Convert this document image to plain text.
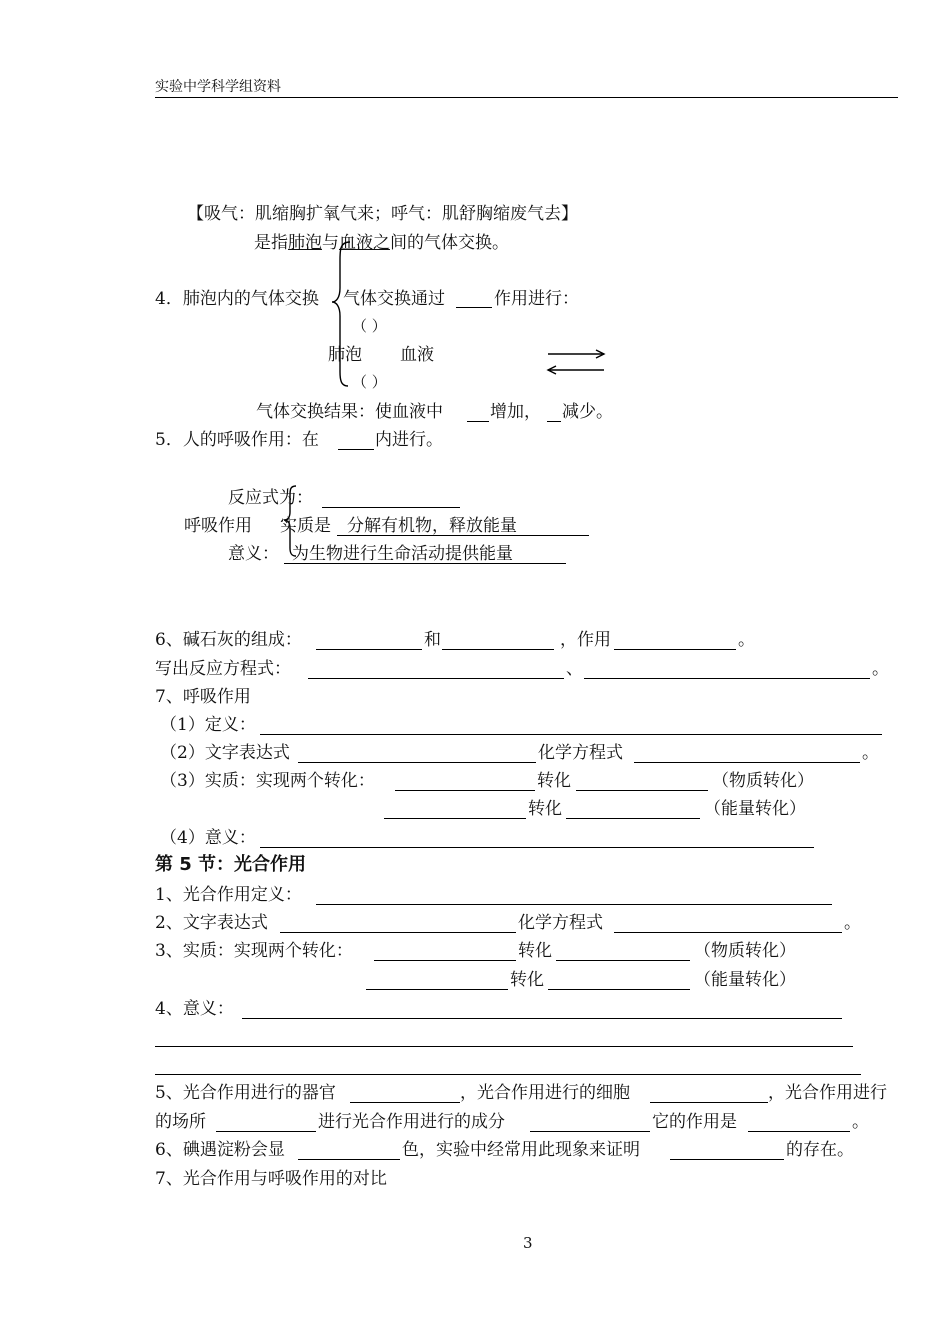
实验中学科学组资料
【吸气：肌缩胸扩氧气来；呼气：肌舒胸缩废气去】
是指肺泡与血液之间的气体交换。
4．肺泡内的气体交换 气体交换通过	作用进行：
（ ）
肺泡 血液
（ ）
气体交换结果：使血液中	增加， 减少。
5．人的呼吸作用：在	内进行。
反应式为：
呼吸作用 实质是 分解有机物，释放能量
意义： 为生物进行生命活动提供能量
6、碱石灰的组成：	和	，作用	。
写出反应方程式：	、	。
7、呼吸作用
（1）定义：
（2）文字表达式	化学方程式	。
（3）实质：实现两个转化：	转化	（物质转化）
转化	（能量转化）
（4）意义：
第 5 节：光合作用
1、光合作用定义：
2、文字表达式	化学方程式	。
3、实质：实现两个转化：	转化	（物质转化）
转化	（能量转化）
4、意义：
5、光合作用进行的器官	，光合作用进行的细胞	，光合作用进行
的场所	进行光合作用进行的成分	它的作用是	。
6、碘遇淀粉会显	色，实验中经常用此现象来证明	的存在。
7、光合作用与呼吸作用的对比
3
